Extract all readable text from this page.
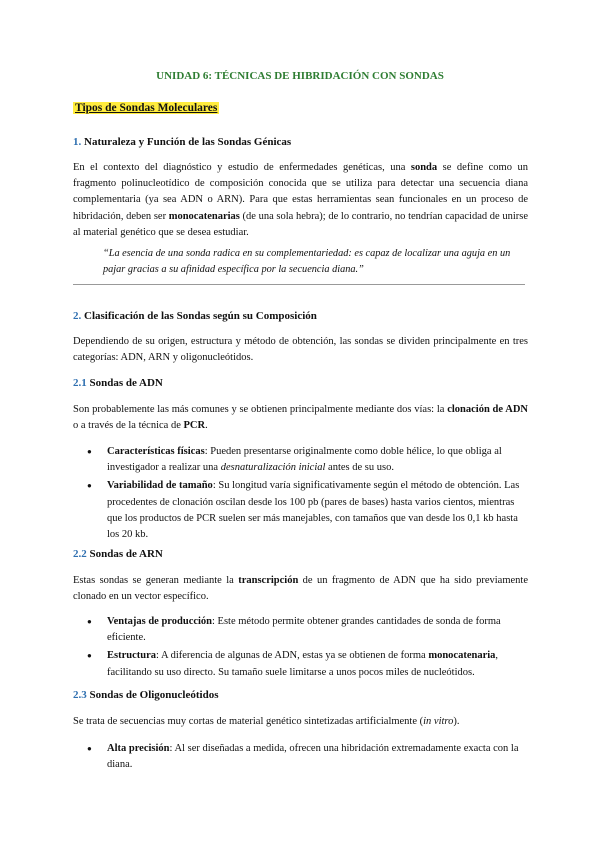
UNIDAD 6: TÉCNICAS DE HIBRIDACIÓN CON SONDAS
Tipos de Sondas Moleculares
1. Naturaleza y Función de las Sondas Génicas
En el contexto del diagnóstico y estudio de enfermedades genéticas, una sonda se define como un fragmento polinucleotídico de composición conocida que se utiliza para detectar una secuencia diana complementaria (ya sea ADN o ARN). Para que estas herramientas sean funcionales en un proceso de hibridación, deben ser monocatenarias (de una sola hebra); de lo contrario, no tendrían capacidad de unirse al material genético que se desea estudiar.
“La esencia de una sonda radica en su complementariedad: es capaz de localizar una aguja en un pajar gracias a su afinidad específica por la secuencia diana.”
2. Clasificación de las Sondas según su Composición
Dependiendo de su origen, estructura y método de obtención, las sondas se dividen principalmente en tres categorías: ADN, ARN y oligonucleótidos.
2.1 Sondas de ADN
Son probablemente las más comunes y se obtienen principalmente mediante dos vías: la clonación de ADN o a través de la técnica de PCR.
● Características físicas: Pueden presentarse originalmente como doble hélice, lo que obliga al investigador a realizar una desnaturalización inicial antes de su uso.
● Variabilidad de tamaño: Su longitud varía significativamente según el método de obtención. Las procedentes de clonación oscilan desde los 100 pb (pares de bases) hasta varios cientos, mientras que los productos de PCR suelen ser más manejables, con tamaños que van desde los 0,1 kb hasta los 20 kb.
2.2 Sondas de ARN
Estas sondas se generan mediante la transcripción de un fragmento de ADN que ha sido previamente clonado en un vector específico.
● Ventajas de producción: Este método permite obtener grandes cantidades de sonda de forma eficiente.
● Estructura: A diferencia de algunas de ADN, estas ya se obtienen de forma monocatenaria, facilitando su uso directo. Su tamaño suele limitarse a unos pocos miles de nucleótidos.
2.3 Sondas de Oligonucleótidos
Se trata de secuencias muy cortas de material genético sintetizadas artificialmente (in vitro).
● Alta precisión: Al ser diseñadas a medida, ofrecen una hibridación extremadamente exacta con la diana.
